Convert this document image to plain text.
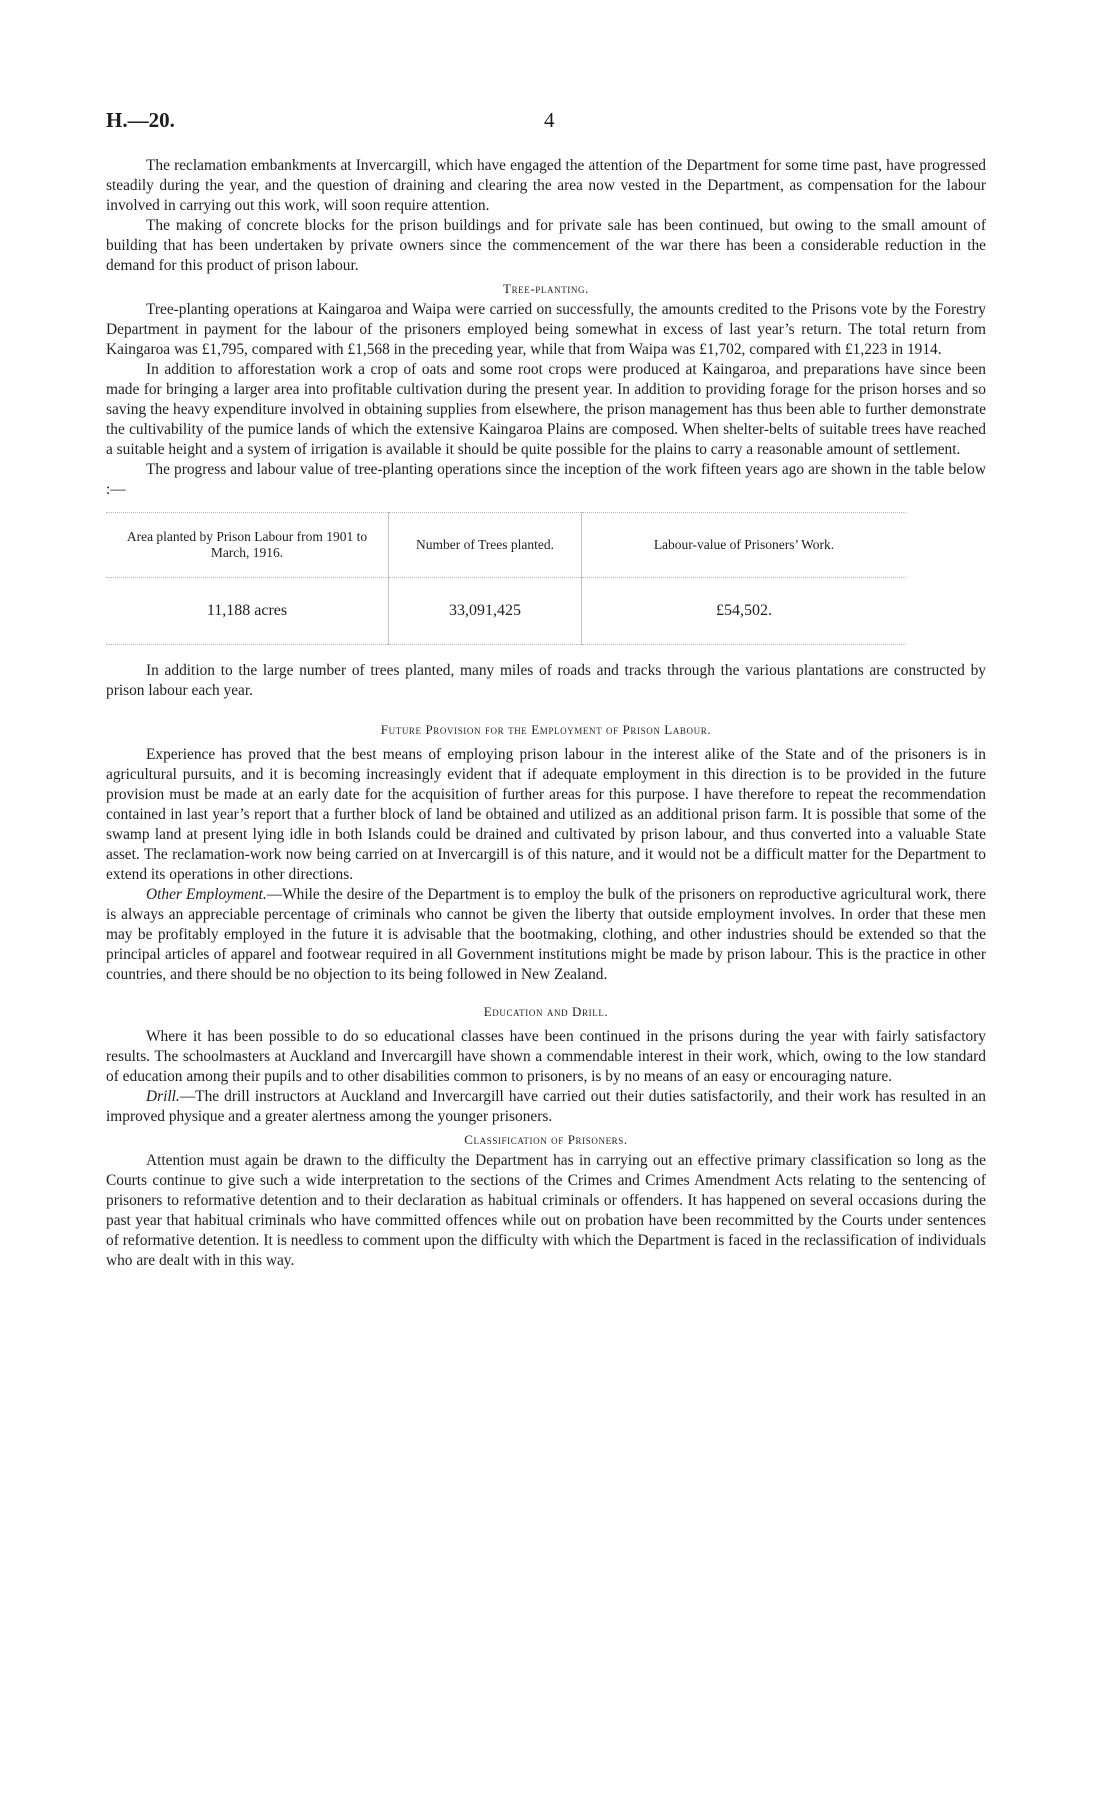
H.—20.	4

The reclamation embankments at Invercargill, which have engaged the attention of the Department for some time past, have progressed steadily during the year, and the question of draining and clearing the area now vested in the Department, as compensation for the labour involved in carrying out this work, will soon require attention.

The making of concrete blocks for the prison buildings and for private sale has been continued, but owing to the small amount of building that has been undertaken by private owners since the commencement of the war there has been a considerable reduction in the demand for this product of prison labour.

Tree-planting.

Tree-planting operations at Kaingaroa and Waipa were carried on successfully, the amounts credited to the Prisons vote by the Forestry Department in payment for the labour of the prisoners employed being somewhat in excess of last year’s return. The total return from Kaingaroa was £1,795, compared with £1,568 in the preceding year, while that from Waipa was £1,702, compared with £1,223 in 1914.

In addition to afforestation work a crop of oats and some root crops were produced at Kaingaroa, and preparations have since been made for bringing a larger area into profitable cultivation during the present year. In addition to providing forage for the prison horses and so saving the heavy expenditure involved in obtaining supplies from elsewhere, the prison management has thus been able to further demonstrate the cultivability of the pumice lands of which the extensive Kaingaroa Plains are composed. When shelter-belts of suitable trees have reached a suitable height and a system of irrigation is available it should be quite possible for the plains to carry a reasonable amount of settlement.

The progress and labour value of tree-planting operations since the inception of the work fifteen years ago are shown in the table below :—

Area planted by Prison Labour from 1901 to March, 1916.	Number of Trees planted.	Labour-value of Prisoners’ Work.
11,188 acres	33,091,425	£54,502.

In addition to the large number of trees planted, many miles of roads and tracks through the various plantations are constructed by prison labour each year.

Future Provision for the Employment of Prison Labour.

Experience has proved that the best means of employing prison labour in the interest alike of the State and of the prisoners is in agricultural pursuits, and it is becoming increasingly evident that if adequate employment in this direction is to be provided in the future provision must be made at an early date for the acquisition of further areas for this purpose. I have therefore to repeat the recommendation contained in last year’s report that a further block of land be obtained and utilized as an additional prison farm. It is possible that some of the swamp land at present lying idle in both Islands could be drained and cultivated by prison labour, and thus converted into a valuable State asset. The reclamation-work now being carried on at Invercargill is of this nature, and it would not be a difficult matter for the Department to extend its operations in other directions.

Other Employment.—While the desire of the Department is to employ the bulk of the prisoners on reproductive agricultural work, there is always an appreciable percentage of criminals who cannot be given the liberty that outside employment involves. In order that these men may be profitably employed in the future it is advisable that the bootmaking, clothing, and other industries should be extended so that the principal articles of apparel and footwear required in all Government institutions might be made by prison labour. This is the practice in other countries, and there should be no objection to its being followed in New Zealand.

Education and Drill.

Where it has been possible to do so educational classes have been continued in the prisons during the year with fairly satisfactory results. The schoolmasters at Auckland and Invercargill have shown a commendable interest in their work, which, owing to the low standard of education among their pupils and to other disabilities common to prisoners, is by no means of an easy or encouraging nature.

Drill.—The drill instructors at Auckland and Invercargill have carried out their duties satisfactorily, and their work has resulted in an improved physique and a greater alertness among the younger prisoners.

Classification of Prisoners.

Attention must again be drawn to the difficulty the Department has in carrying out an effective primary classification so long as the Courts continue to give such a wide interpretation to the sections of the Crimes and Crimes Amendment Acts relating to the sentencing of prisoners to reformative detention and to their declaration as habitual criminals or offenders. It has happened on several occasions during the past year that habitual criminals who have committed offences while out on probation have been recommitted by the Courts under sentences of reformative detention. It is needless to comment upon the difficulty with which the Department is faced in the reclassification of individuals who are dealt with in this way.
